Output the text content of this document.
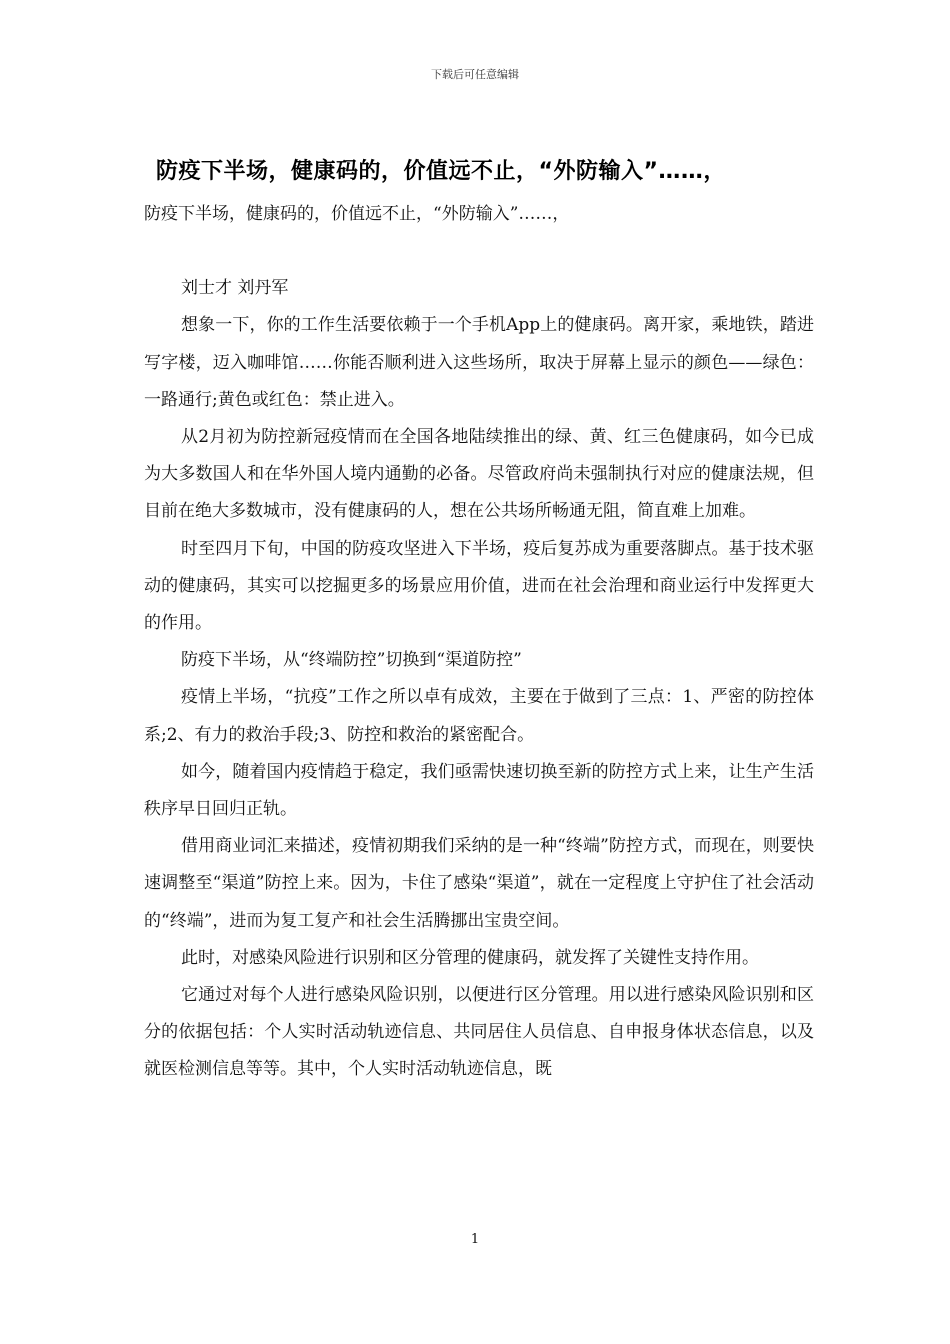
下载后可任意编辑
防疫下半场，健康码的，价值远不止，“外防输入”……，

防疫下半场，健康码的，价值远不止，“外防输入”……，

刘士才 刘丹军

想象一下，你的工作生活要依赖于一个手机App上的健康码。离开家，乘地铁，踏进写字楼，迈入咖啡馆……你能否顺利进入这些场所，取决于屏幕上显示的颜色——绿色：一路通行;黄色或红色：禁止进入。

从2月初为防控新冠疫情而在全国各地陆续推出的绿、黄、红三色健康码，如今已成为大多数国人和在华外国人境内通勤的必备。尽管政府尚未强制执行对应的健康法规，但目前在绝大多数城市，没有健康码的人，想在公共场所畅通无阻，简直难上加难。

时至四月下旬，中国的防疫攻坚进入下半场，疫后复苏成为重要落脚点。基于技术驱动的健康码，其实可以挖掘更多的场景应用价值，进而在社会治理和商业运行中发挥更大的作用。

防疫下半场，从“终端防控”切换到“渠道防控”

疫情上半场，“抗疫”工作之所以卓有成效，主要在于做到了三点：1、严密的防控体系;2、有力的救治手段;3、防控和救治的紧密配合。

如今，随着国内疫情趋于稳定，我们亟需快速切换至新的防控方式上来，让生产生活秩序早日回归正轨。

借用商业词汇来描述，疫情初期我们采纳的是一种“终端”防控方式，而现在，则要快速调整至“渠道”防控上来。因为，卡住了感染“渠道”，就在一定程度上守护住了社会活动的“终端”，进而为复工复产和社会生活腾挪出宝贵空间。

此时，对感染风险进行识别和区分管理的健康码，就发挥了关键性支持作用。

它通过对每个人进行感染风险识别，以便进行区分管理。用以进行感染风险识别和区分的依据包括：个人实时活动轨迹信息、共同居住人员信息、自申报身体状态信息，以及就医检测信息等等。其中，个人实时活动轨迹信息，既

1
